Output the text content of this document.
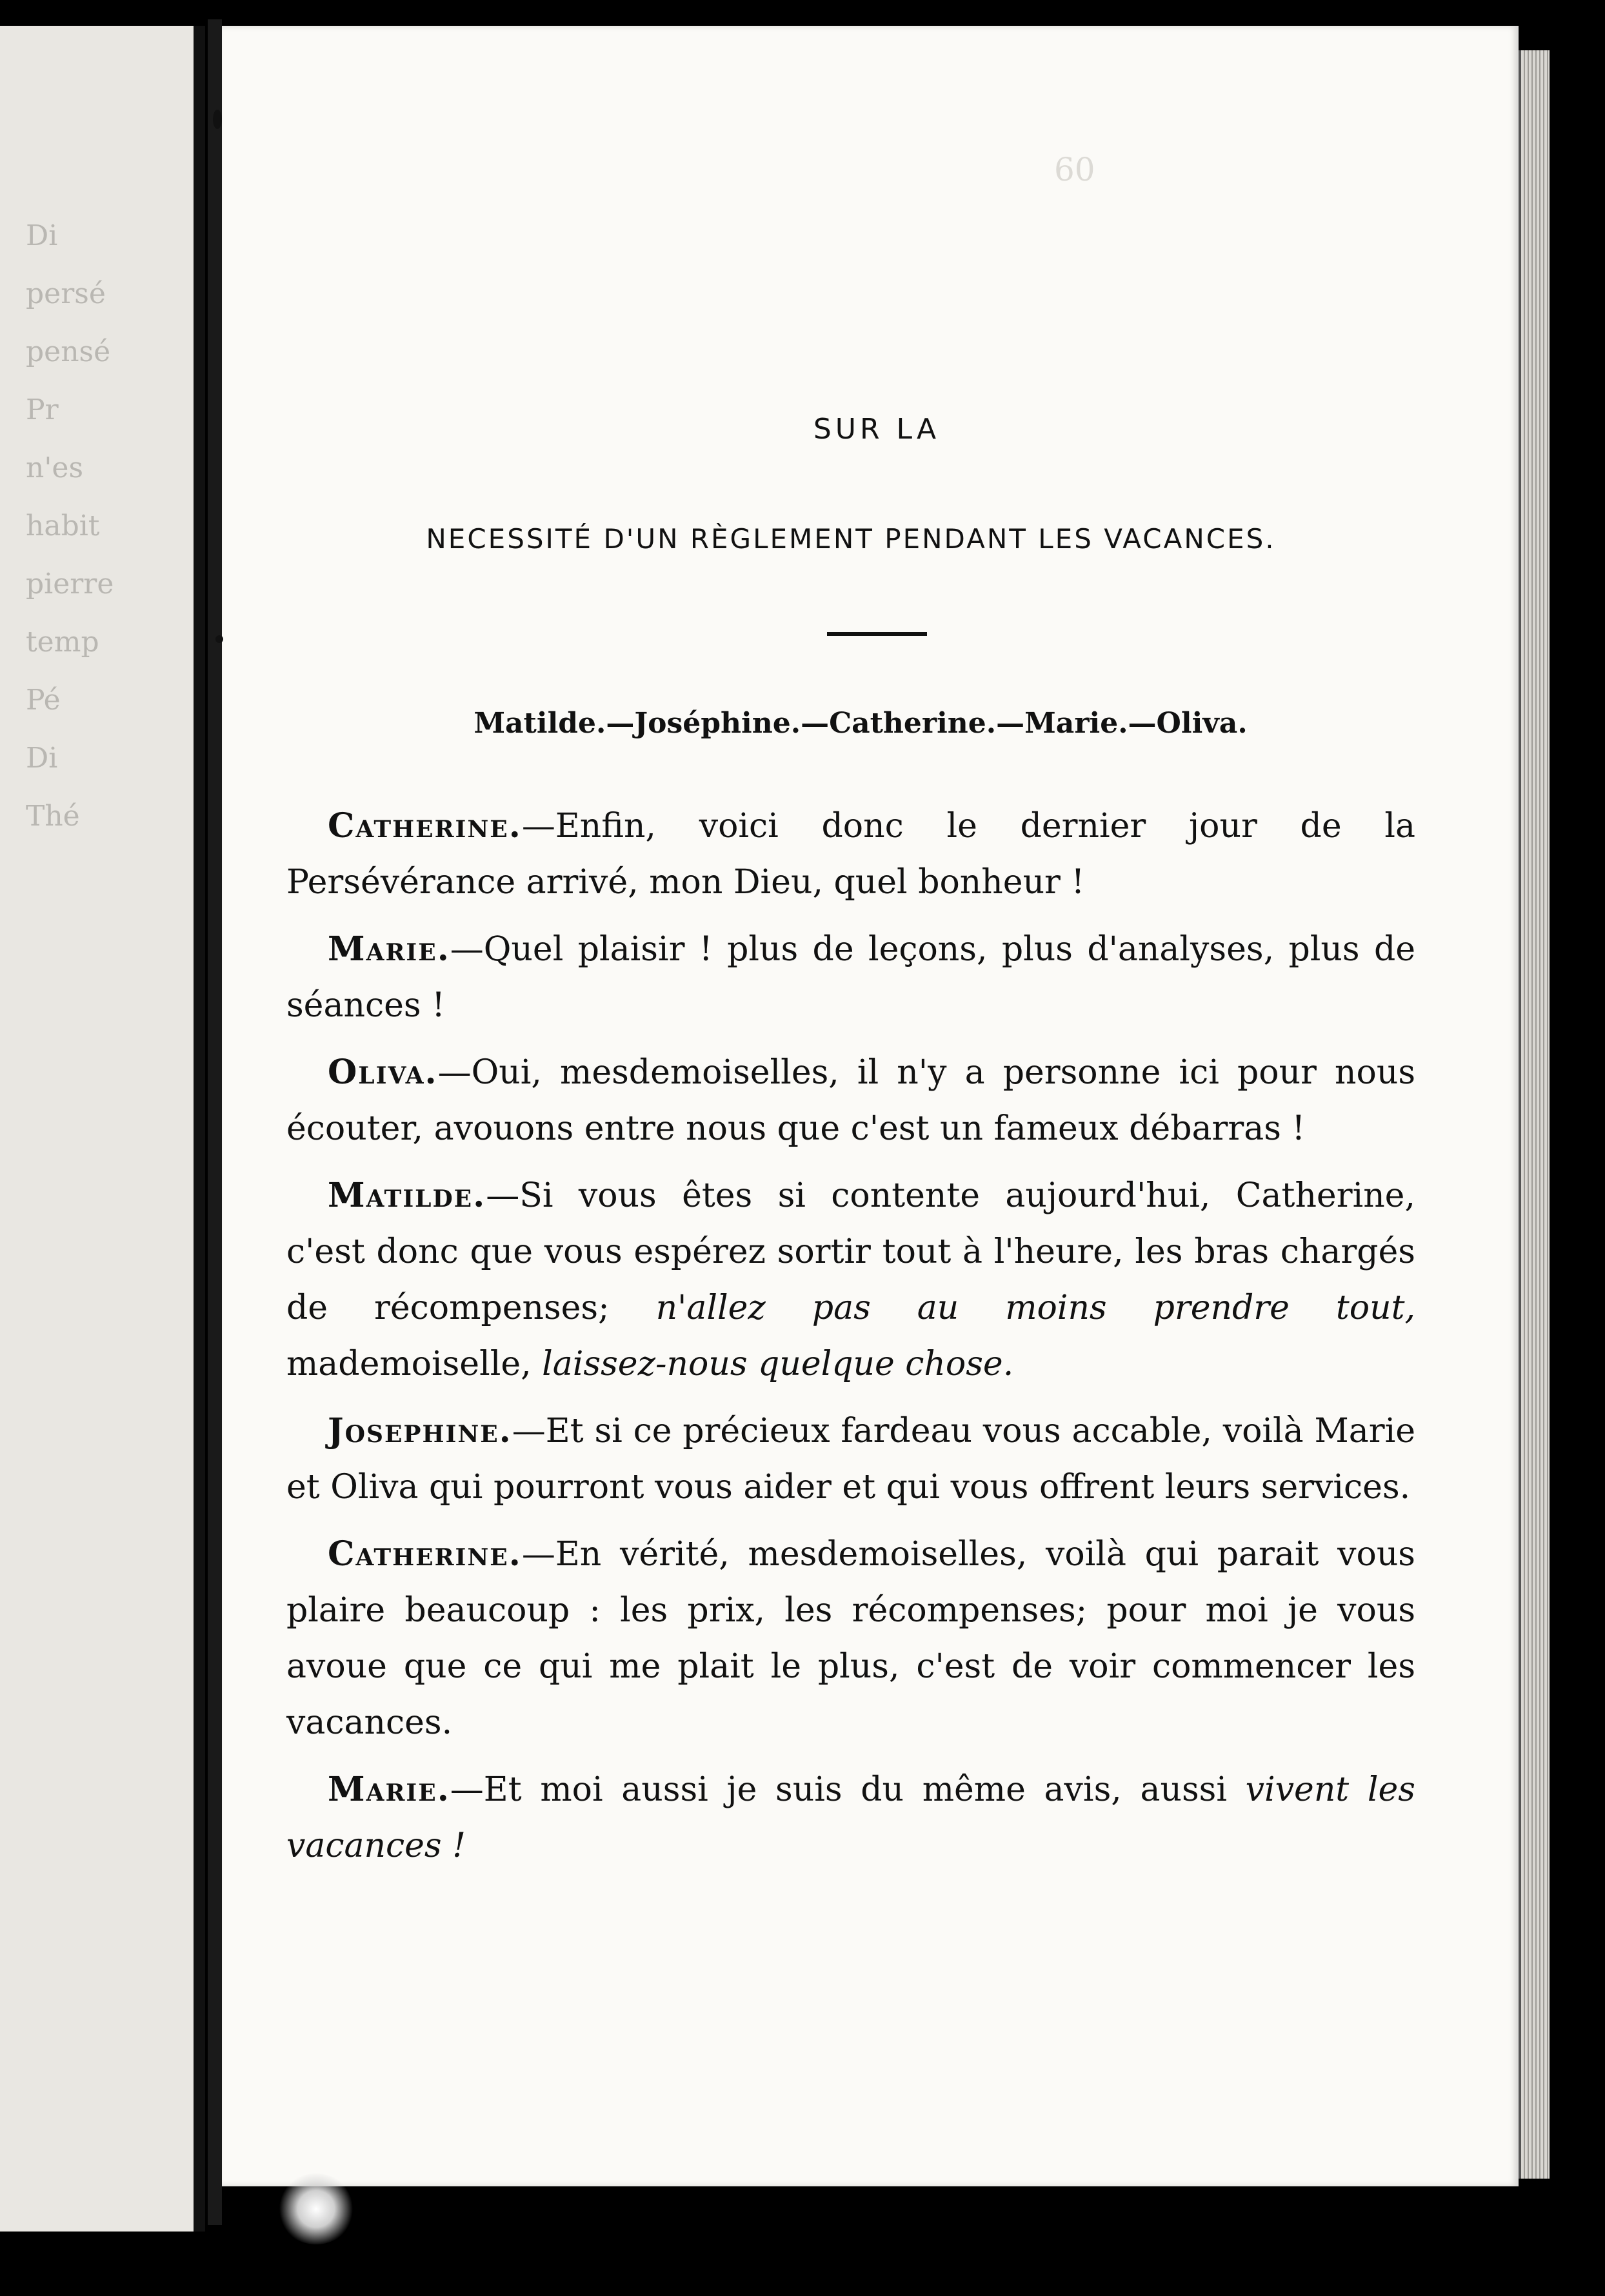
Di
persé
pensé
Pr
n'es
habit
pierre
temp
Pé
Di
Thé
60
SUR LA
NECESSITÉ D'UN RÈGLEMENT PENDANT LES VACANCES.
Matilde.—Joséphine.—Catherine.—Marie.—Oliva.

Catherine.—Enfin, voici donc le dernier jour de la Persévérance arrivé, mon Dieu, quel bonheur !

Marie.—Quel plaisir ! plus de leçons, plus d'analyses, plus de séances !

Oliva.—Oui, mesdemoiselles, il n'y a personne ici pour nous écouter, avouons entre nous que c'est un fameux débarras !

Matilde.—Si vous êtes si contente aujourd'hui, Catherine, c'est donc que vous espérez sortir tout à l'heure, les bras chargés de récompenses; n'allez pas au moins prendre tout, mademoiselle, laissez-nous quelque chose.

Josephine.—Et si ce précieux fardeau vous accable, voilà Marie et Oliva qui pourront vous aider et qui vous offrent leurs services.

Catherine.—En vérité, mesdemoiselles, voilà qui parait vous plaire beaucoup : les prix, les récompenses; pour moi je vous avoue que ce qui me plait le plus, c'est de voir commencer les vacances.

Marie.—Et moi aussi je suis du même avis, aussi vivent les vacances !
